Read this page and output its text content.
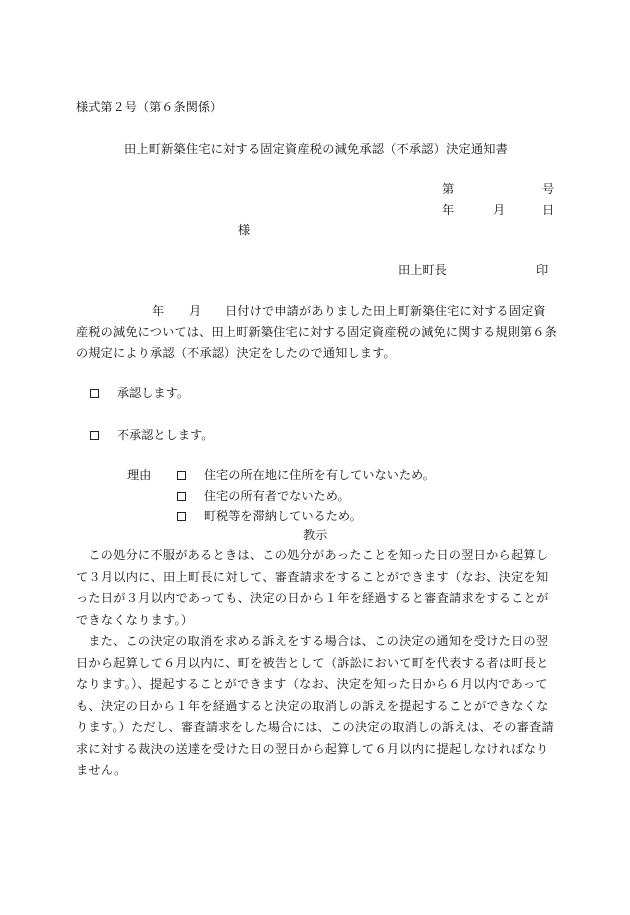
様式第２号（第６条関係）
田上町新築住宅に対する固定資産税の減免承認（不承認）決定通知書
第	号
年	月	日
様
田上町長	印
年 月 日付けで申請がありました田上町新築住宅に対する固定資
産税の減免については、田上町新築住宅に対する固定資産税の減免に関する規則第６条
の規定により承認（不承認）決定をしたので通知します。
承認します。
不承認とします。
理由	住宅の所在地に住所を有していないため。
住宅の所有者でないため。
町税等を滞納しているため。
教示

この処分に不服があるときは、この処分があったことを知った日の翌日から起算して３月以内に、田上町長に対して、審査請求をすることができます（なお、決定を知った日が３月以内であっても、決定の日から１年を経過すると審査請求をすることができなくなります。）

また、この決定の取消を求める訴えをする場合は、この決定の通知を受けた日の翌日から起算して６月以内に、町を被告として（訴訟において町を代表する者は町長となります。）、提起することができます（なお、決定を知った日から６月以内であっても、決定の日から１年を経過すると決定の取消しの訴えを提起することができなくなります。）ただし、審査請求をした場合には、この決定の取消しの訴えは、その審査請求に対する裁決の送達を受けた日の翌日から起算して６月以内に提起しなければなりません。
